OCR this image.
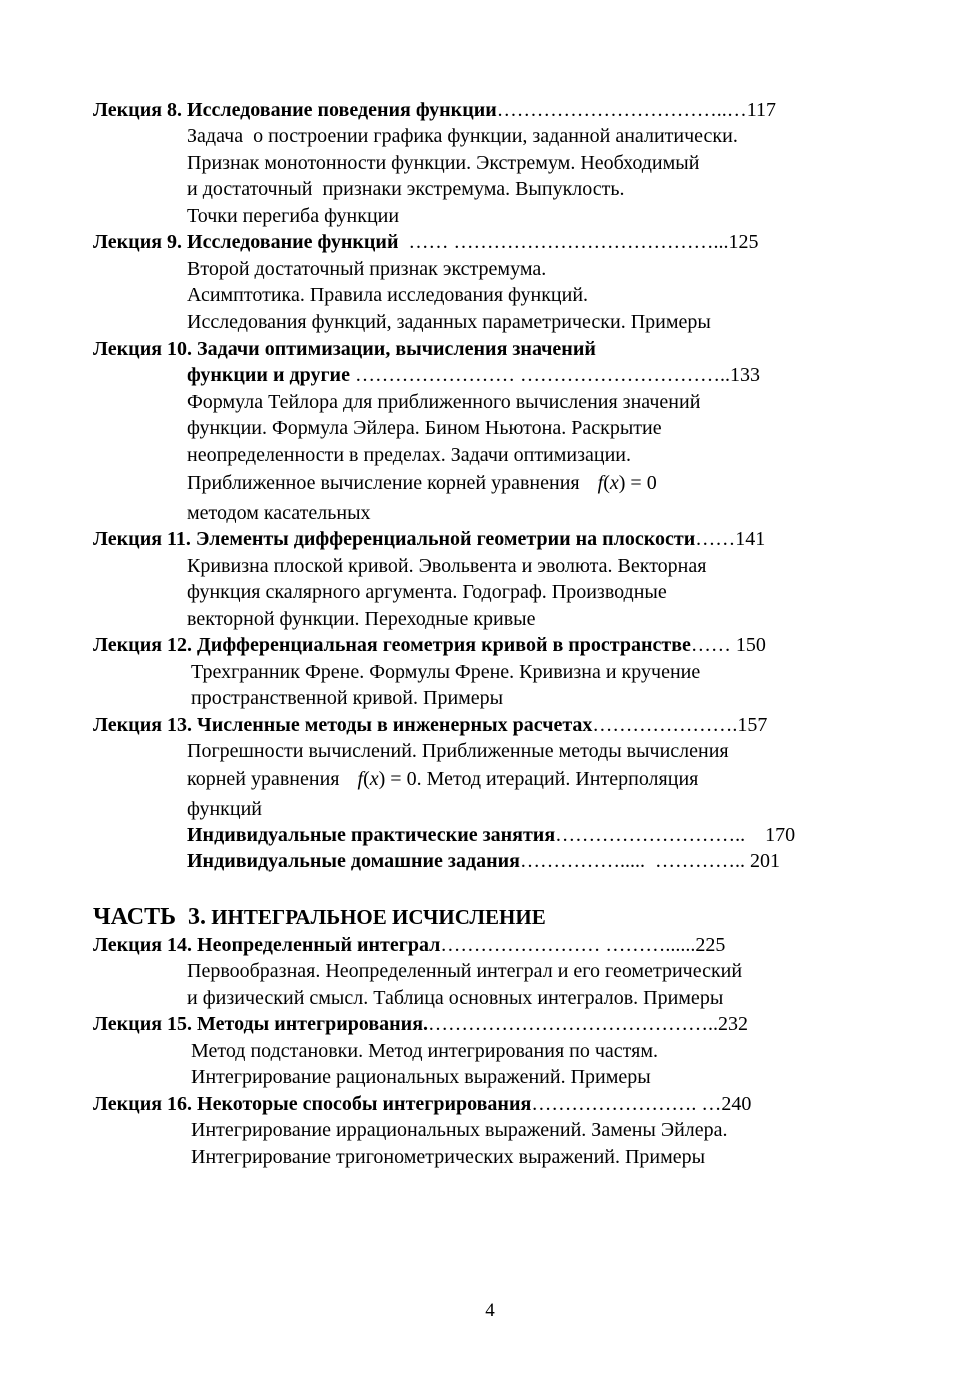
Лекция 8. Исследование поведения функции……………………………..…117
Задача  о построении графика функции, заданной аналитически.
Признак монотонности функции. Экстремум. Необходимый
и достаточный  признаки экстремума. Выпуклость.
Точки перегиба функции
Лекция 9. Исследование функций  …… …………………………………...125
Второй достаточный признак экстремума.
Асимптотика. Правила исследования функций.
Исследования функций, заданных параметрически. Примеры
Лекция 10. Задачи оптимизации, вычисления значений
функции и другие …………………… …………………………..133
Формула Тейлора для приближенного вычисления значений
функции. Формула Эйлера. Бином Ньютона. Раскрытие
неопределенности в пределах. Задачи оптимизации.
Приближенное вычисление корней уравнения f(x) = 0
методом касательных
Лекция 11. Элементы дифференциальной геометрии на плоскости……141
Кривизна плоской кривой. Эвольвента и эволюта. Векторная
функция скалярного аргумента. Годограф. Производные
векторной функции. Переходные кривые
Лекция 12. Дифференциальная геометрия кривой в пространстве…… 150
Трехгранник Френе. Формулы Френе. Кривизна и кручение
пространственной кривой. Примеры
Лекция 13. Численные методы в инженерных расчетах………………….157
Погрешности вычислений. Приближенные методы вычисления
корней уравнения f(x) = 0. Метод итераций. Интерполяция
функций
Индивидуальные практические занятия………………………..    170
Индивидуальные домашние задания…………….....  ………….. 201
ЧАСТЬ  3. ИНТЕГРАЛЬНОЕ ИСЧИСЛЕНИЕ
Лекция 14. Неопределенный интеграл…………………… ………......225
Первообразная. Неопределенный интеграл и его геометрический
и физический смысл. Таблица основных интегралов. Примеры
Лекция 15. Методы интегрирования.……………………………………..232
Метод подстановки. Метод интегрирования по частям.
Интегрирование рациональных выражений. Примеры
Лекция 16. Некоторые способы интегрирования……………………. …240
Интегрирование иррациональных выражений. Замены Эйлера.
Интегрирование тригонометрических выражений. Примеры
4
